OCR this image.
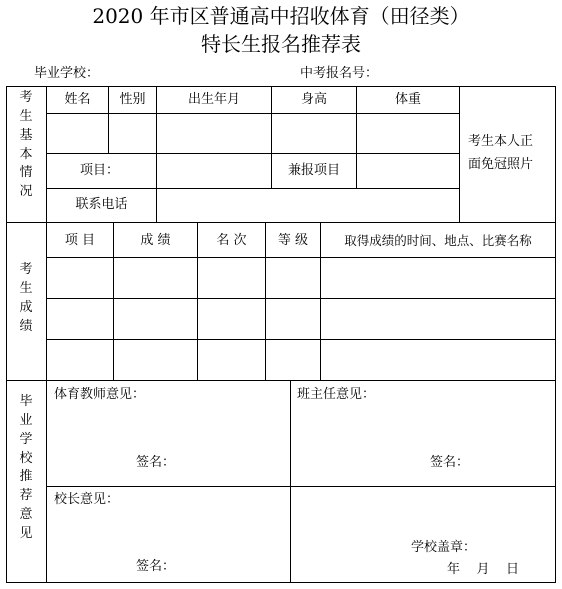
2020 年市区普通高中招收体育（田径类）
特长生报名推荐表
毕业学校：	中考报名号：
考
生
基
本
情
况
考
生
成
绩
毕
业
学
校
推
荐
意
见
姓名	性别	出生年月	身高	体重
项目：	兼报项目
联系电话
考生本人正
面免冠照片
项 目	成 绩	名 次	等 级	取得成绩的时间、地点、比赛名称
体育教师意见：
签名：
班主任意见：
签名：
校长意见：
签名：
学校盖章：
年    月    日
